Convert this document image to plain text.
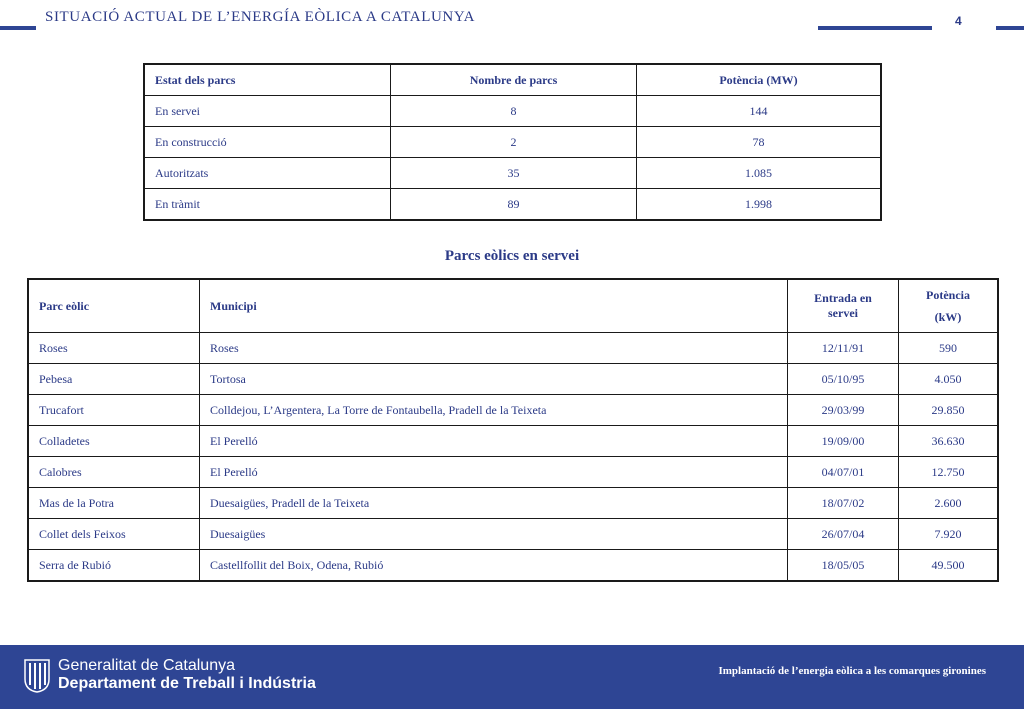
SITUACIÓ ACTUAL DE L’ENERGÍA EÒLICA A CATALUNYA	4
Estat dels parcs	Nombre de parcs	Potència (MW)
En servei	8	144
En construcció	2	78
Autoritzats	35	1.085
En tràmit	89	1.998
Parcs eòlics en servei
Parc eòlic	Municipi	Entrada en servei	Potència
(kW)

Roses	Roses	12/11/91	590
Pebesa	Tortosa	05/10/95	4.050
Trucafort	Colldejou, L’Argentera, La Torre de Fontaubella, Pradell de la Teixeta	29/03/99	29.850
Colladetes	El Perelló	19/09/00	36.630
Calobres	El Perelló	04/07/01	12.750
Mas de la Potra	Duesaigües, Pradell de la Teixeta	18/07/02	2.600
Collet dels Feixos	Duesaigües	26/07/04	7.920
Serra de Rubió	Castellfollit del Boix, Odena, Rubió	18/05/05	49.500
Generalitat de Catalunya
Departament de Treball i Indústria
Implantació de l’energia eòlica a les comarques gironines
